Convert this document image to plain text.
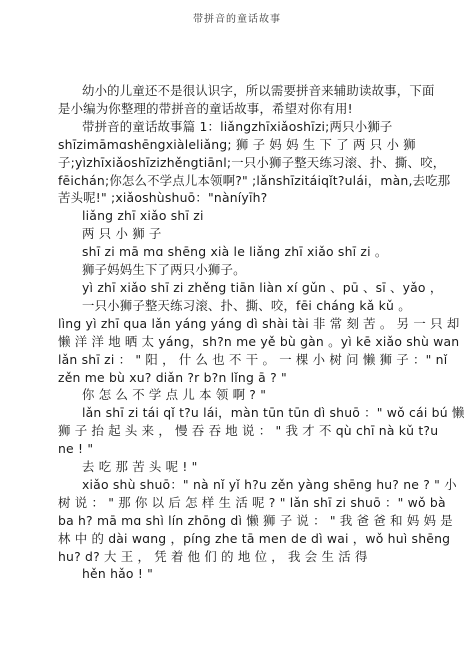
带拼音的童话故事
幼小的儿童还不是很认识字，所以需要拼音来辅助读故事，下面
是小编为你整理的带拼音的童话故事，希望对你有用!
带拼音的童话故事篇 1：liǎngzhīxiǎoshīzi;两只小狮子
shīzimāmɑshēngxiàleliǎng; 狮 子 妈 妈 生 下 了 两 只 小 狮
子;yìzhīxiǎoshīzizhěngtiānl;一只小狮子整天练习滚、扑、撕、咬，
fēichán;你怎么不学点儿本领啊?" ;lǎnshīzitáiqǐt?ulái，màn,去吃那
苦头呢!" ;xiǎoshùshuō："nàníyīh?
liǎng zhī xiǎo shī zi
两 只 小 狮 子
shī zi mā mɑ shēng xià le liǎng zhī xiǎo shī zi 。
狮子妈妈生下了两只小狮子。
yì zhī xiǎo shī zi zhěng tiān liàn xí gǔn 、pū 、sī 、yǎo ，
一只小狮子整天练习滚、扑、撕、咬，fēi cháng kǎ kǔ 。
lìng yì zhī qua lǎn yáng yáng dì shài tài 非 常 刻 苦 。 另 一 只 却
懒 洋 洋 地 晒 太 yáng，sh?n me yě bù gàn 。yì kē xiǎo shù wan
lǎn shī zi ： " 阳 ， 什 么 也 不 干 。 一 棵 小 树 问 懒 狮 子 ：" nǐ
zěn me bù xu? diǎn ?r b?n lǐng ā ? "
你 怎 么 不 学 点 儿 本 领 啊 ? "
lǎn shī zi tái qǐ t?u lái，màn tūn tūn dì shuō ：" wǒ cái bú 懒
狮 子 抬 起 头 来 ， 慢 吞 吞 地 说 ： " 我 才 不 qù chī nà kǔ t?u
ne ! "
去 吃 那 苦 头 呢 ! "
xiǎo shù shuō：" nà nǐ yǐ h?u zěn yàng shēng hu? ne ? " 小
树 说 ： " 那 你 以 后 怎 样 生 活 呢 ? " lǎn shī zi shuō ：" wǒ bà
ba h? mā mɑ shì lín zhōng dì 懒 狮 子 说 ： " 我 爸 爸 和 妈 妈 是
林 中 的 dài wɑng ，píng zhe tā men de dì wai ，wǒ huì shēng
hu? d? 大 王 ， 凭 着 他 们 的 地 位 ， 我 会 生 活 得
hěn hǎo ! "
